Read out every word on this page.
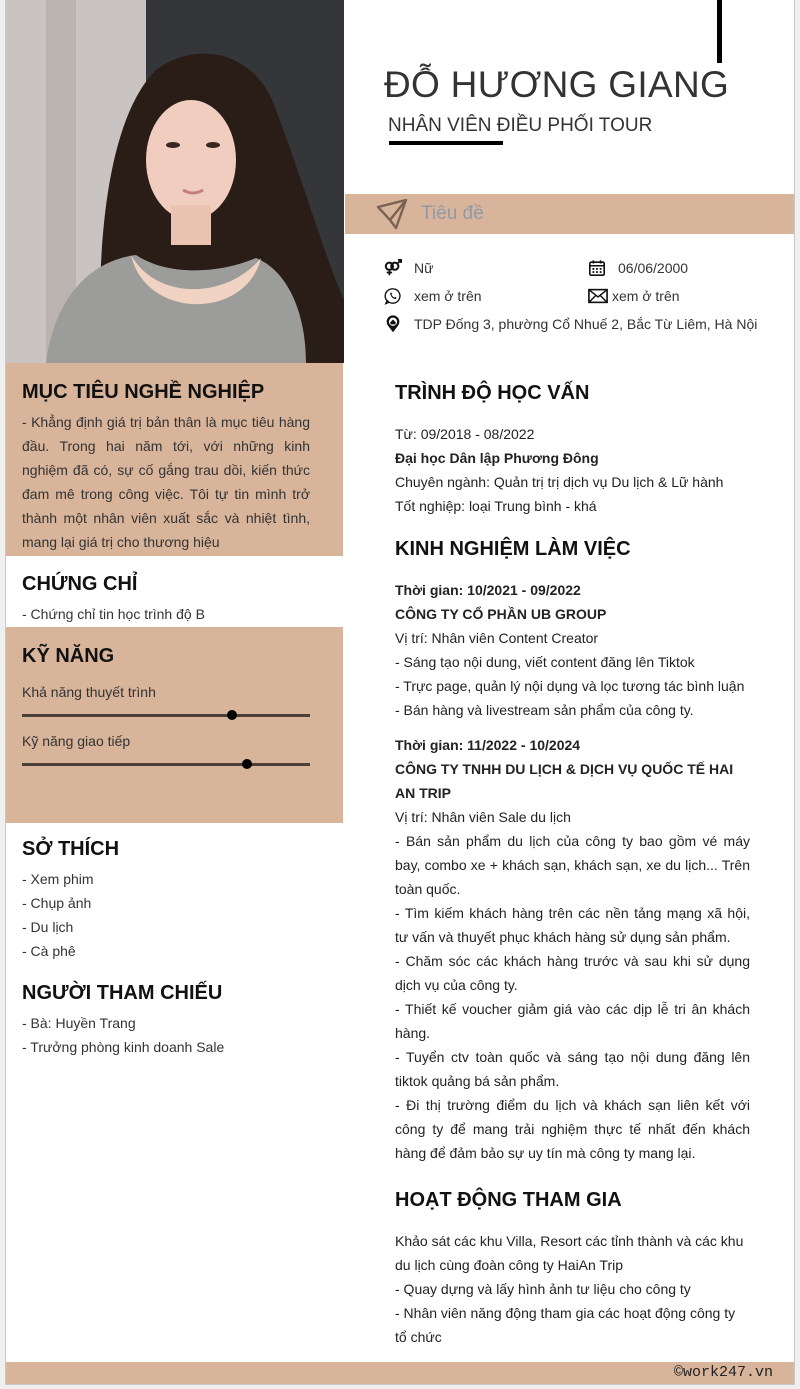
ĐỖ HƯƠNG GIANG
NHÂN VIÊN ĐIỀU PHỐI TOUR
Tiêu đề
Nữ	06/06/2000
xem ở trên	xem ở trên
TDP Đống 3, phường Cổ Nhuế 2, Bắc Từ Liêm, Hà Nội
MỤC TIÊU NGHỀ NGHIỆP
- Khẳng định giá trị bản thân là mục tiêu hàng đầu. Trong hai năm tới, với những kinh nghiệm đã có, sự cố gắng trau dồi, kiến thức đam mê trong công việc. Tôi tự tin mình trở thành một nhân viên xuất sắc và nhiệt tình, mang lại giá trị cho thương hiệu
CHỨNG CHỈ
- Chứng chỉ tin học trình độ B
KỸ NĂNG
Khả năng thuyết trình
Kỹ năng giao tiếp
SỞ THÍCH
- Xem phim
- Chụp ảnh
- Du lịch
- Cà phê
NGƯỜI THAM CHIẾU
- Bà: Huyền Trang
- Trưởng phòng kinh doanh Sale
TRÌNH ĐỘ HỌC VẤN
Từ: 09/2018 - 08/2022
Đại học Dân lập Phương Đông
Chuyên ngành: Quản trị trị dịch vụ Du lịch & Lữ hành
Tốt nghiệp: loại Trung bình - khá
KINH NGHIỆM LÀM VIỆC
Thời gian: 10/2021 - 09/2022
CÔNG TY CỔ PHẦN UB GROUP
Vị trí: Nhân viên Content Creator
- Sáng tạo nội dung, viết content đăng lên Tiktok
- Trực page, quản lý nội dụng và lọc tương tác bình luận
- Bán hàng và livestream sản phẩm của công ty.
Thời gian: 11/2022 - 10/2024
CÔNG TY TNHH DU LỊCH & DỊCH VỤ QUỐC TẾ HAI AN TRIP
Vị trí: Nhân viên Sale du lịch
- Bán sản phẩm du lịch của công ty bao gồm vé máy bay, combo xe + khách sạn, khách sạn, xe du lịch... Trên toàn quốc.
- Tìm kiếm khách hàng trên các nền tảng mạng xã hội, tư vấn và thuyết phục khách hàng sử dụng sản phẩm.
- Chăm sóc các khách hàng trước và sau khi sử dụng dịch vụ của công ty.
- Thiết kế voucher giảm giá vào các dịp lễ tri ân khách hàng.
- Tuyển ctv toàn quốc và sáng tạo nội dung đăng lên tiktok quảng bá sản phẩm.
- Đi thị trường điểm du lịch và khách sạn liên kết với công ty để mang trải nghiệm thực tế nhất đến khách hàng để đảm bảo sự uy tín mà công ty mang lại.
HOẠT ĐỘNG THAM GIA
Khảo sát các khu Villa, Resort các tỉnh thành và các khu du lịch cùng đoàn công ty HaiAn Trip
- Quay dựng và lấy hình ảnh tư liệu cho công ty
- Nhân viên năng động tham gia các hoạt động công ty tổ chức
©work247.vn
